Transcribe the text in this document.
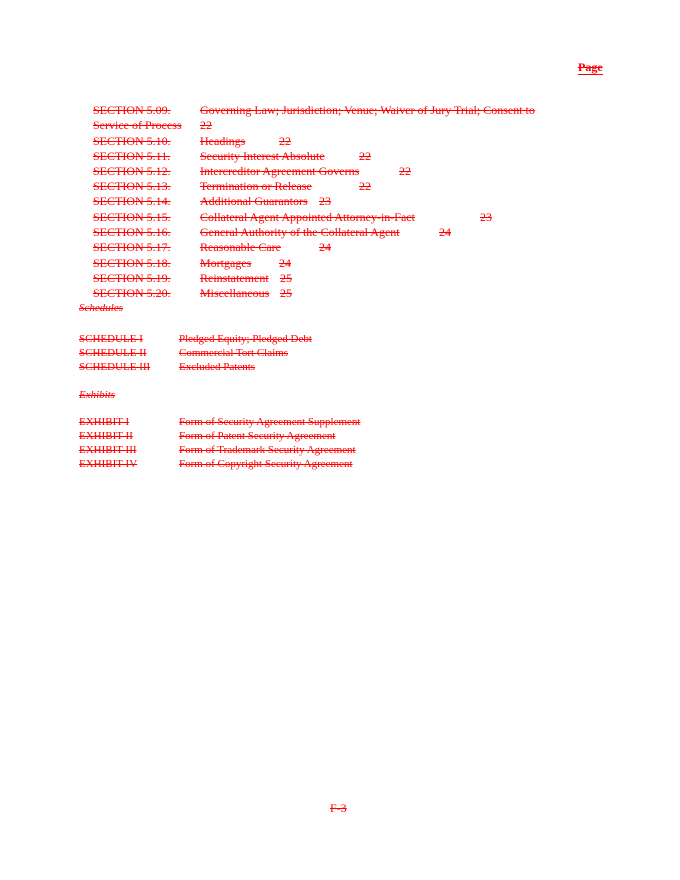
Page
SECTION 5.09. Governing Law; Jurisdiction; Venue; Waiver of Jury Trial; Consent to
Service of Process 22
SECTION 5.10. Headings	22
SECTION 5.11. Security Interest Absolute	22
SECTION 5.12. Intercreditor Agreement Governs	22
SECTION 5.13. Termination or Release	22
SECTION 5.14. Additional Guarantors 23
SECTION 5.15. Collateral Agent Appointed Attorney-in-Fact	23
SECTION 5.16. General Authority of the Collateral Agent	24
SECTION 5.17. Reasonable Care	24
SECTION 5.18. Mortgages 24
SECTION 5.19. Reinstatement 25
SECTION 5.20. Miscellaneous 25
Schedules
SCHEDULE I	Pledged Equity; Pledged Debt
SCHEDULE II	Commercial Tort Claims
SCHEDULE III	Excluded Patents
Exhibits
EXHIBIT I	Form of Security Agreement Supplement
EXHIBIT II	Form of Patent Security Agreement
EXHIBIT III	Form of Trademark Security Agreement
EXHIBIT IV	Form of Copyright Security Agreement
F-3
